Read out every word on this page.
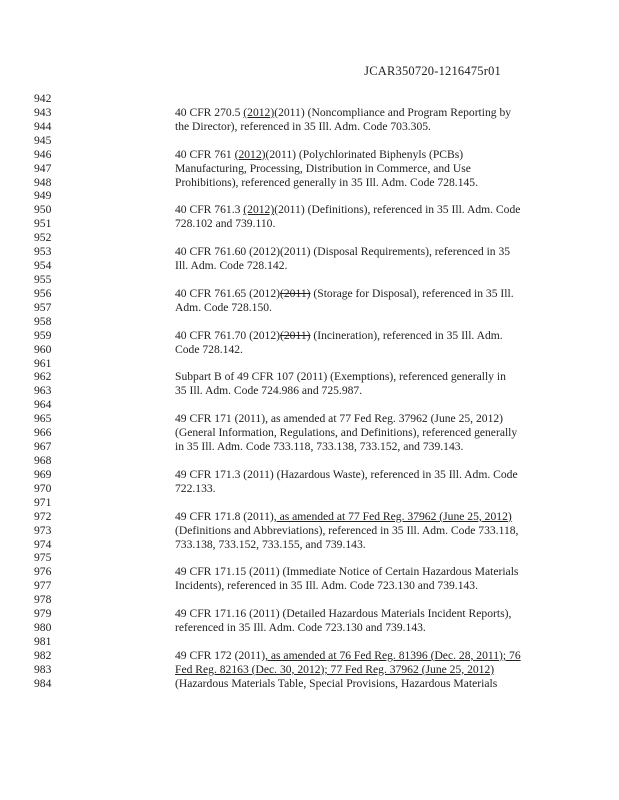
JCAR350720-1216475r01
942
943	40 CFR 270.5 (2012)(2011) (Noncompliance and Program Reporting by
944	the Director), referenced in 35 Ill. Adm. Code 703.305.
945
946	40 CFR 761 (2012)(2011) (Polychlorinated Biphenyls (PCBs)
947	Manufacturing, Processing, Distribution in Commerce, and Use
948	Prohibitions), referenced generally in 35 Ill. Adm. Code 728.145.
949
950	40 CFR 761.3 (2012)(2011) (Definitions), referenced in 35 Ill. Adm. Code
951	728.102 and 739.110.
952
953	40 CFR 761.60 (2012)(2011) (Disposal Requirements), referenced in 35
954	Ill. Adm. Code 728.142.
955
956	40 CFR 761.65 (2012)(2011) (Storage for Disposal), referenced in 35 Ill.
957	Adm. Code 728.150.
958
959	40 CFR 761.70 (2012)(2011) (Incineration), referenced in 35 Ill. Adm.
960	Code 728.142.
961
962	Subpart B of 49 CFR 107 (2011) (Exemptions), referenced generally in
963	35 Ill. Adm. Code 724.986 and 725.987.
964
965	49 CFR 171 (2011), as amended at 77 Fed Reg. 37962 (June 25, 2012)
966	(General Information, Regulations, and Definitions), referenced generally
967	in 35 Ill. Adm. Code 733.118, 733.138, 733.152, and 739.143.
968
969	49 CFR 171.3 (2011) (Hazardous Waste), referenced in 35 Ill. Adm. Code
970	722.133.
971
972	49 CFR 171.8 (2011), as amended at 77 Fed Reg. 37962 (June 25, 2012)
973	(Definitions and Abbreviations), referenced in 35 Ill. Adm. Code 733.118,
974	733.138, 733.152, 733.155, and 739.143.
975
976	49 CFR 171.15 (2011) (Immediate Notice of Certain Hazardous Materials
977	Incidents), referenced in 35 Ill. Adm. Code 723.130 and 739.143.
978
979	49 CFR 171.16 (2011) (Detailed Hazardous Materials Incident Reports),
980	referenced in 35 Ill. Adm. Code 723.130 and 739.143.
981
982	49 CFR 172 (2011), as amended at 76 Fed Reg. 81396 (Dec. 28, 2011); 76
983	Fed Reg. 82163 (Dec. 30, 2012); 77 Fed Reg. 37962 (June 25, 2012)
984	(Hazardous Materials Table, Special Provisions, Hazardous Materials
